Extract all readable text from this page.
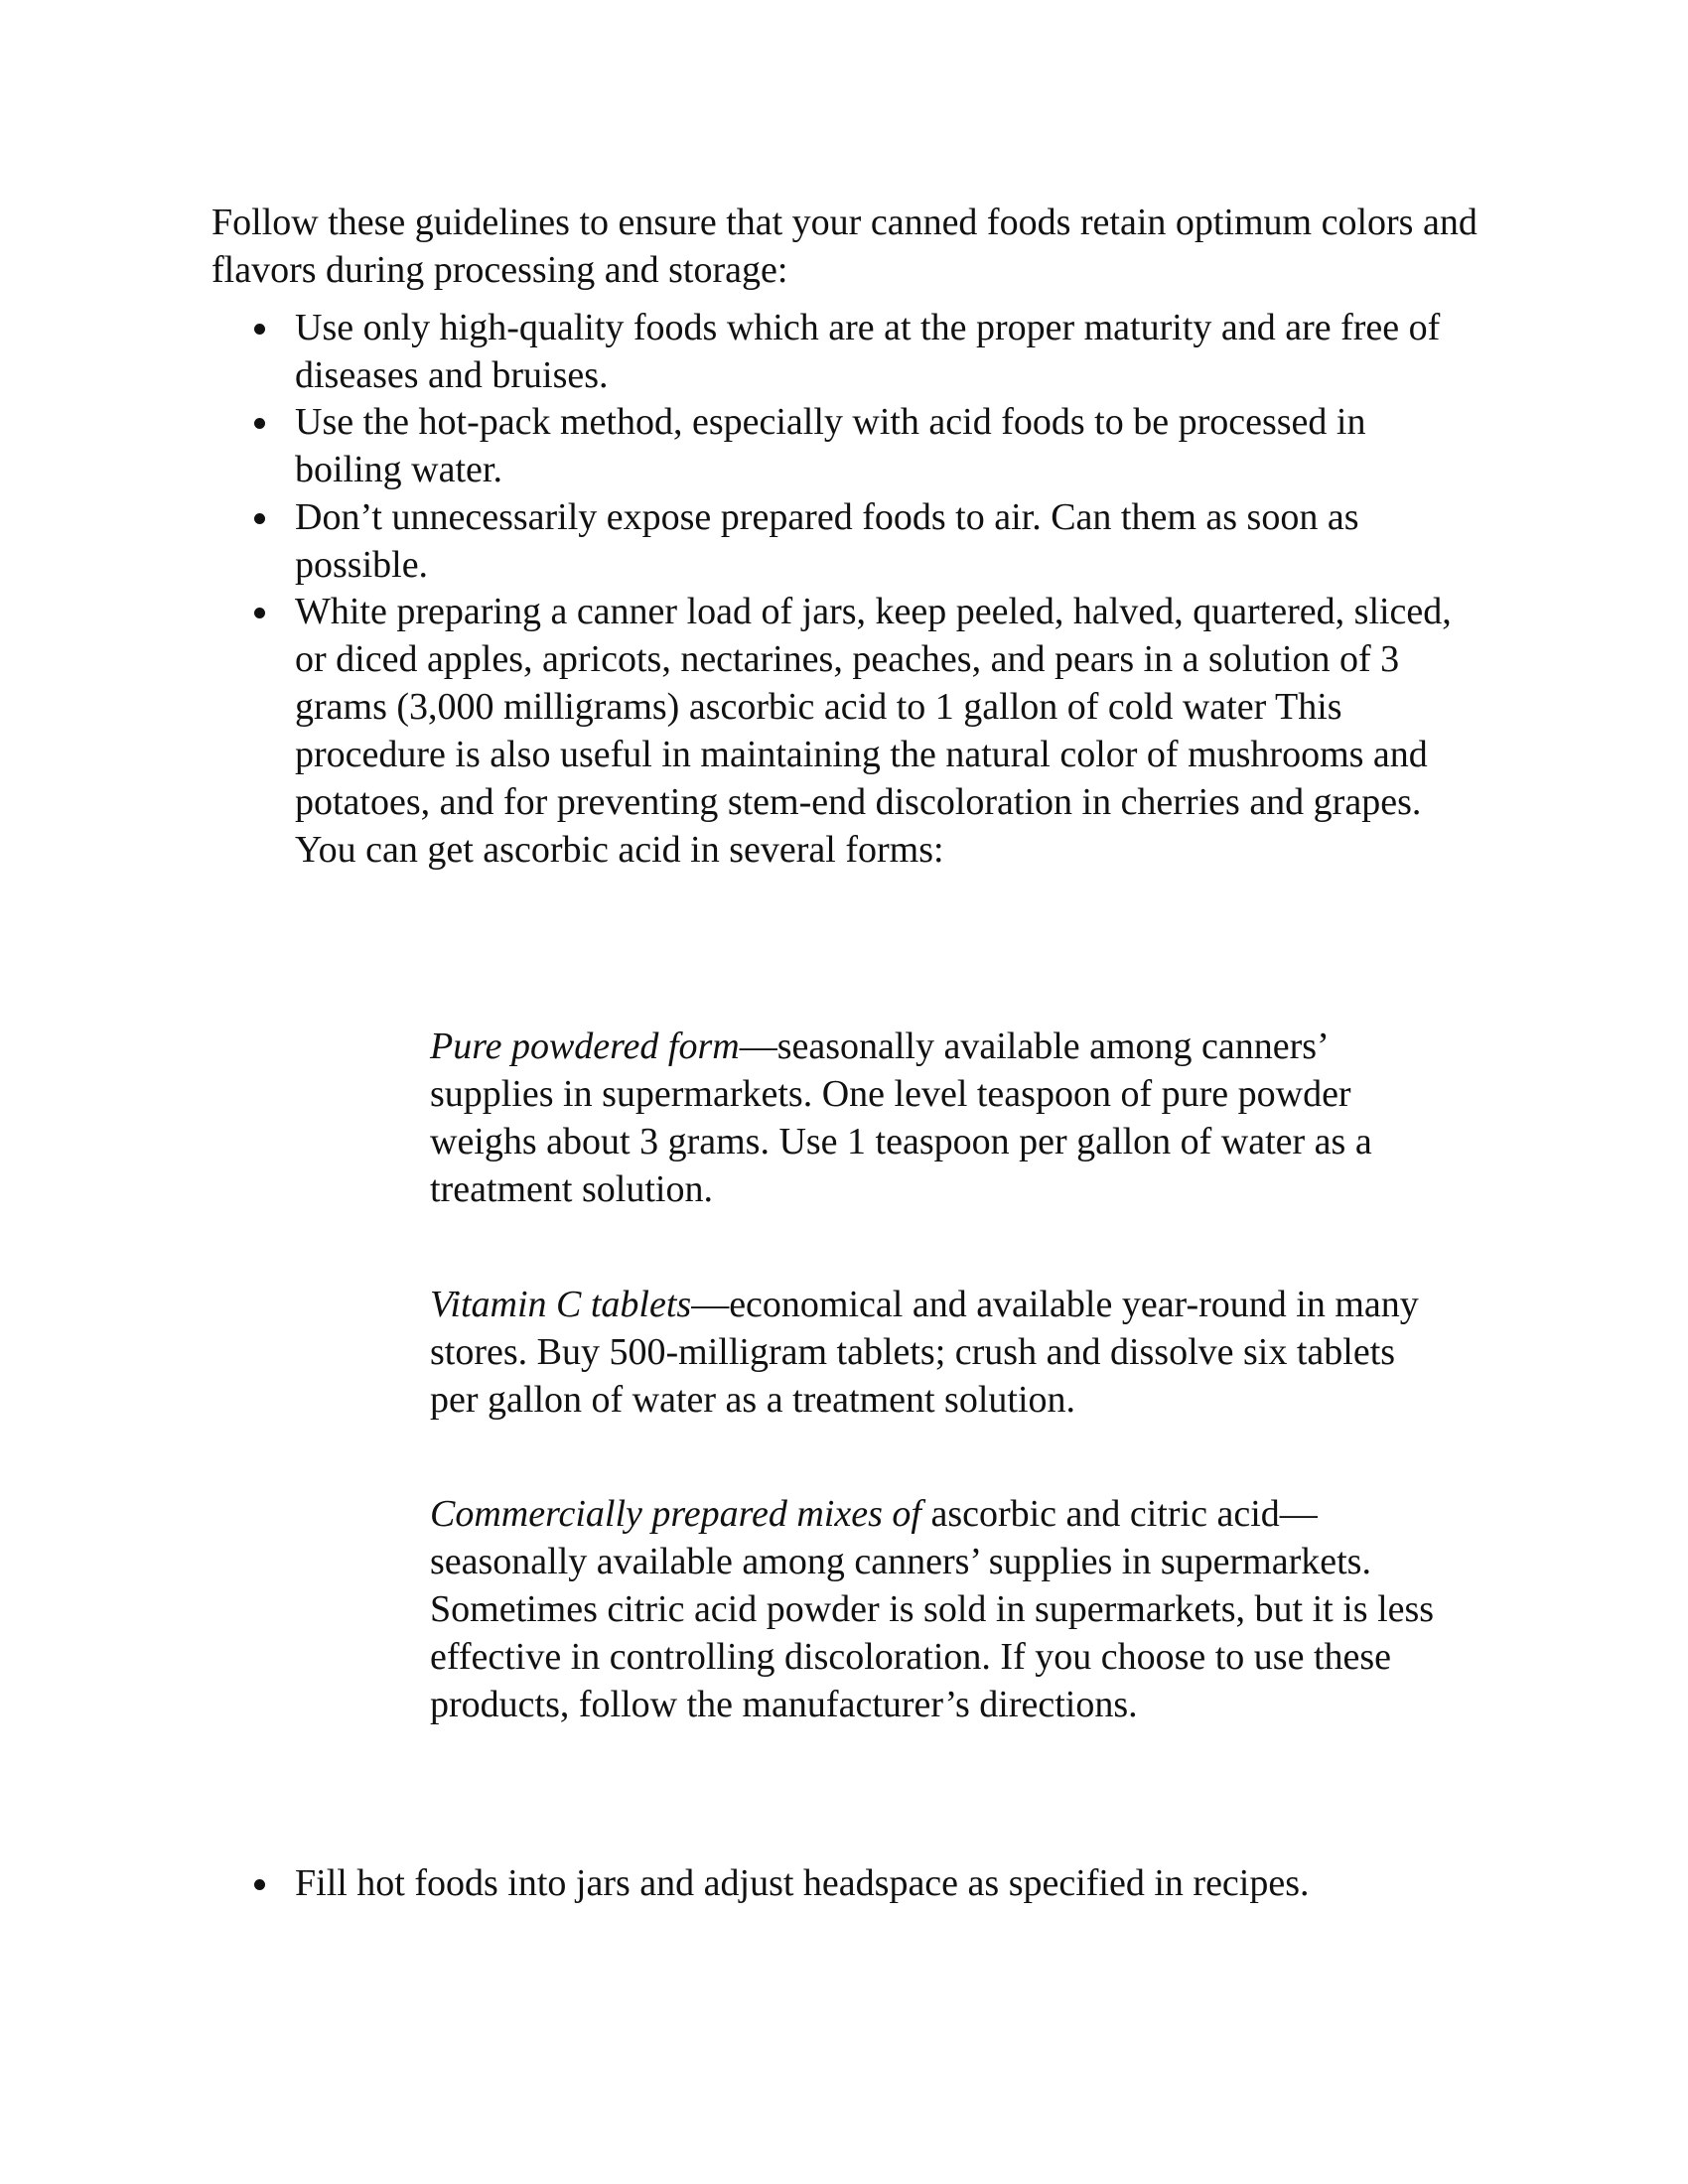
Follow these guidelines to ensure that your canned foods retain optimum colors and flavors during processing and storage:

Use only high-quality foods which are at the proper maturity and are free of diseases and bruises.
Use the hot-pack method, especially with acid foods to be processed in boiling water.
Don’t unnecessarily expose prepared foods to air. Can them as soon as possible.
White preparing a canner load of jars, keep peeled, halved, quartered, sliced, or diced apples, apricots, nectarines, peaches, and pears in a solution of 3 grams (3,000 milligrams) ascorbic acid to 1 gallon of cold water This procedure is also useful in maintaining the natural color of mushrooms and potatoes, and for preventing stem-end discoloration in cherries and grapes. You can get ascorbic acid in several forms:

Pure powdered form—seasonally available among canners’ supplies in supermarkets. One level teaspoon of pure powder weighs about 3 grams. Use 1 teaspoon per gallon of water as a treatment solution.

Vitamin C tablets—economical and available year-round in many stores. Buy 500-milligram tablets; crush and dissolve six tablets per gallon of water as a treatment solution.

Commercially prepared mixes of ascorbic and citric acid—seasonally available among canners’ supplies in supermarkets. Sometimes citric acid powder is sold in supermarkets, but it is less effective in controlling discoloration. If you choose to use these products, follow the manufacturer’s directions.

Fill hot foods into jars and adjust headspace as specified in recipes.
